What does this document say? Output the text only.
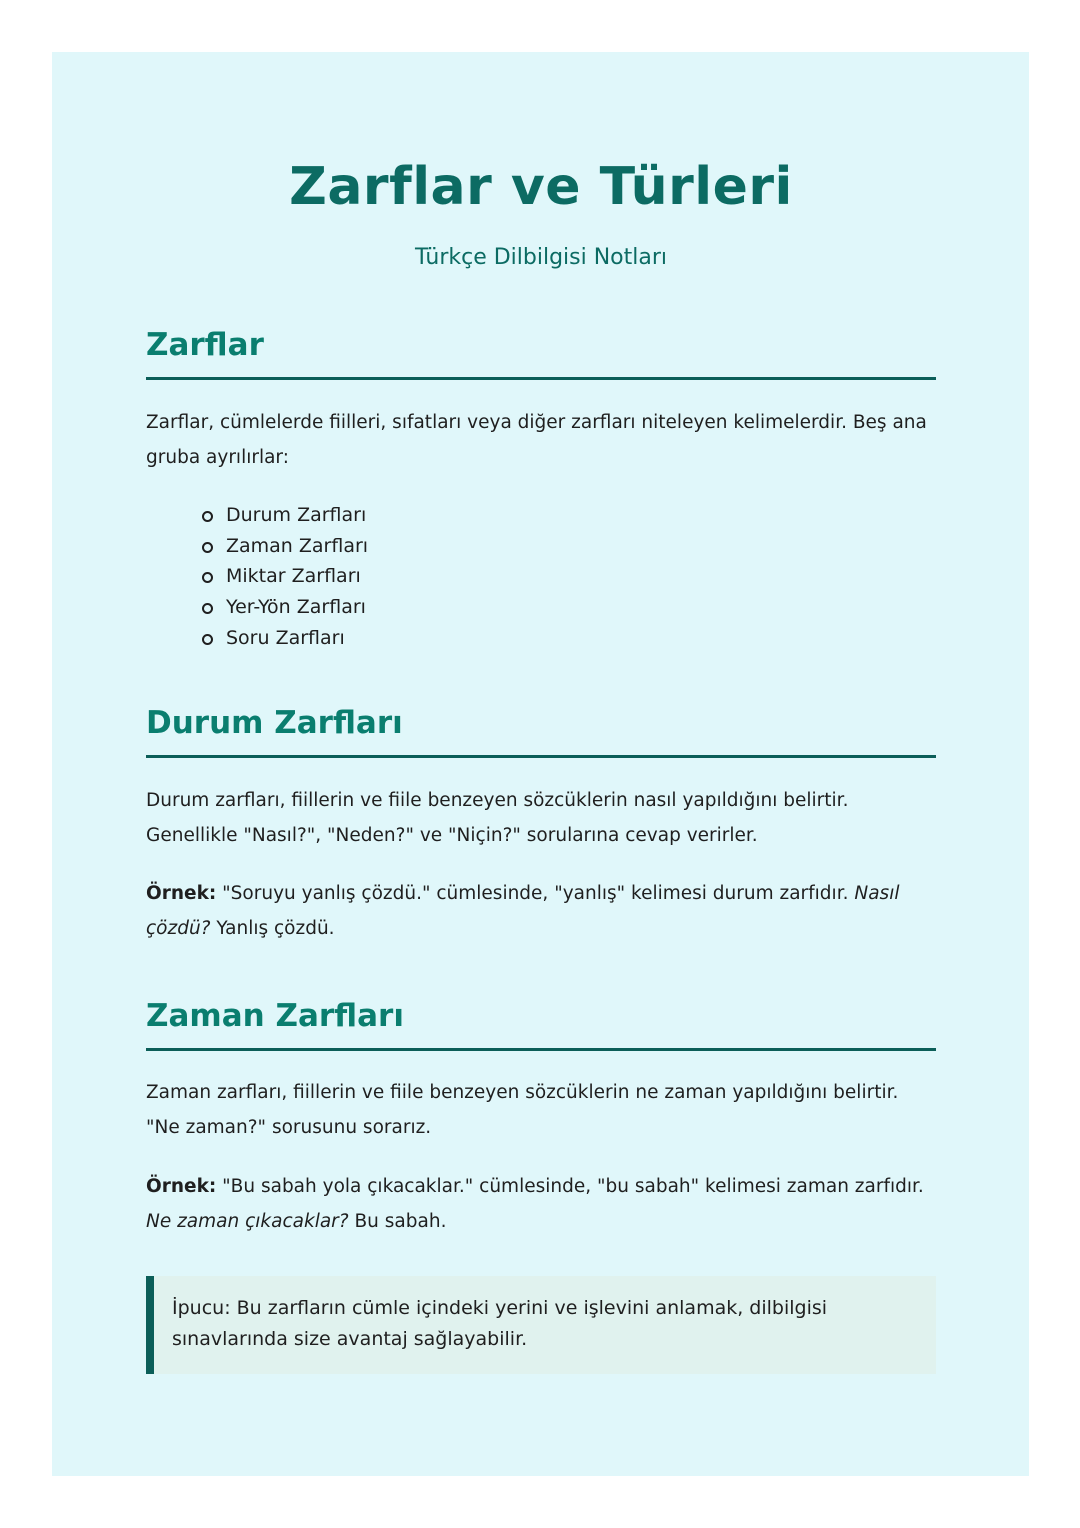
Zarflar ve Türleri
Türkçe Dilbilgisi Notları
Zarflar

Zarflar, cümlelerde fiilleri, sıfatları veya diğer zarfları niteleyen kelimelerdir. Beş ana gruba ayrılırlar:

Durum Zarfları
Zaman Zarfları
Miktar Zarfları
Yer-Yön Zarfları
Soru Zarfları
Durum Zarfları

Durum zarfları, fiillerin ve fiile benzeyen sözcüklerin nasıl yapıldığını belirtir. Genellikle "Nasıl?", "Neden?" ve "Niçin?" sorularına cevap verirler.

Örnek: "Soruyu yanlış çözdü." cümlesinde, "yanlış" kelimesi durum zarfıdır. Nasıl çözdü? Yanlış çözdü.

Zaman Zarfları

Zaman zarfları, fiillerin ve fiile benzeyen sözcüklerin ne zaman yapıldığını belirtir. "Ne zaman?" sorusunu sorarız.

Örnek: "Bu sabah yola çıkacaklar." cümlesinde, "bu sabah" kelimesi zaman zarfıdır. Ne zaman çıkacaklar? Bu sabah.

İpucu: Bu zarfların cümle içindeki yerini ve işlevini anlamak, dilbilgisi sınavlarında size avantaj sağlayabilir.
